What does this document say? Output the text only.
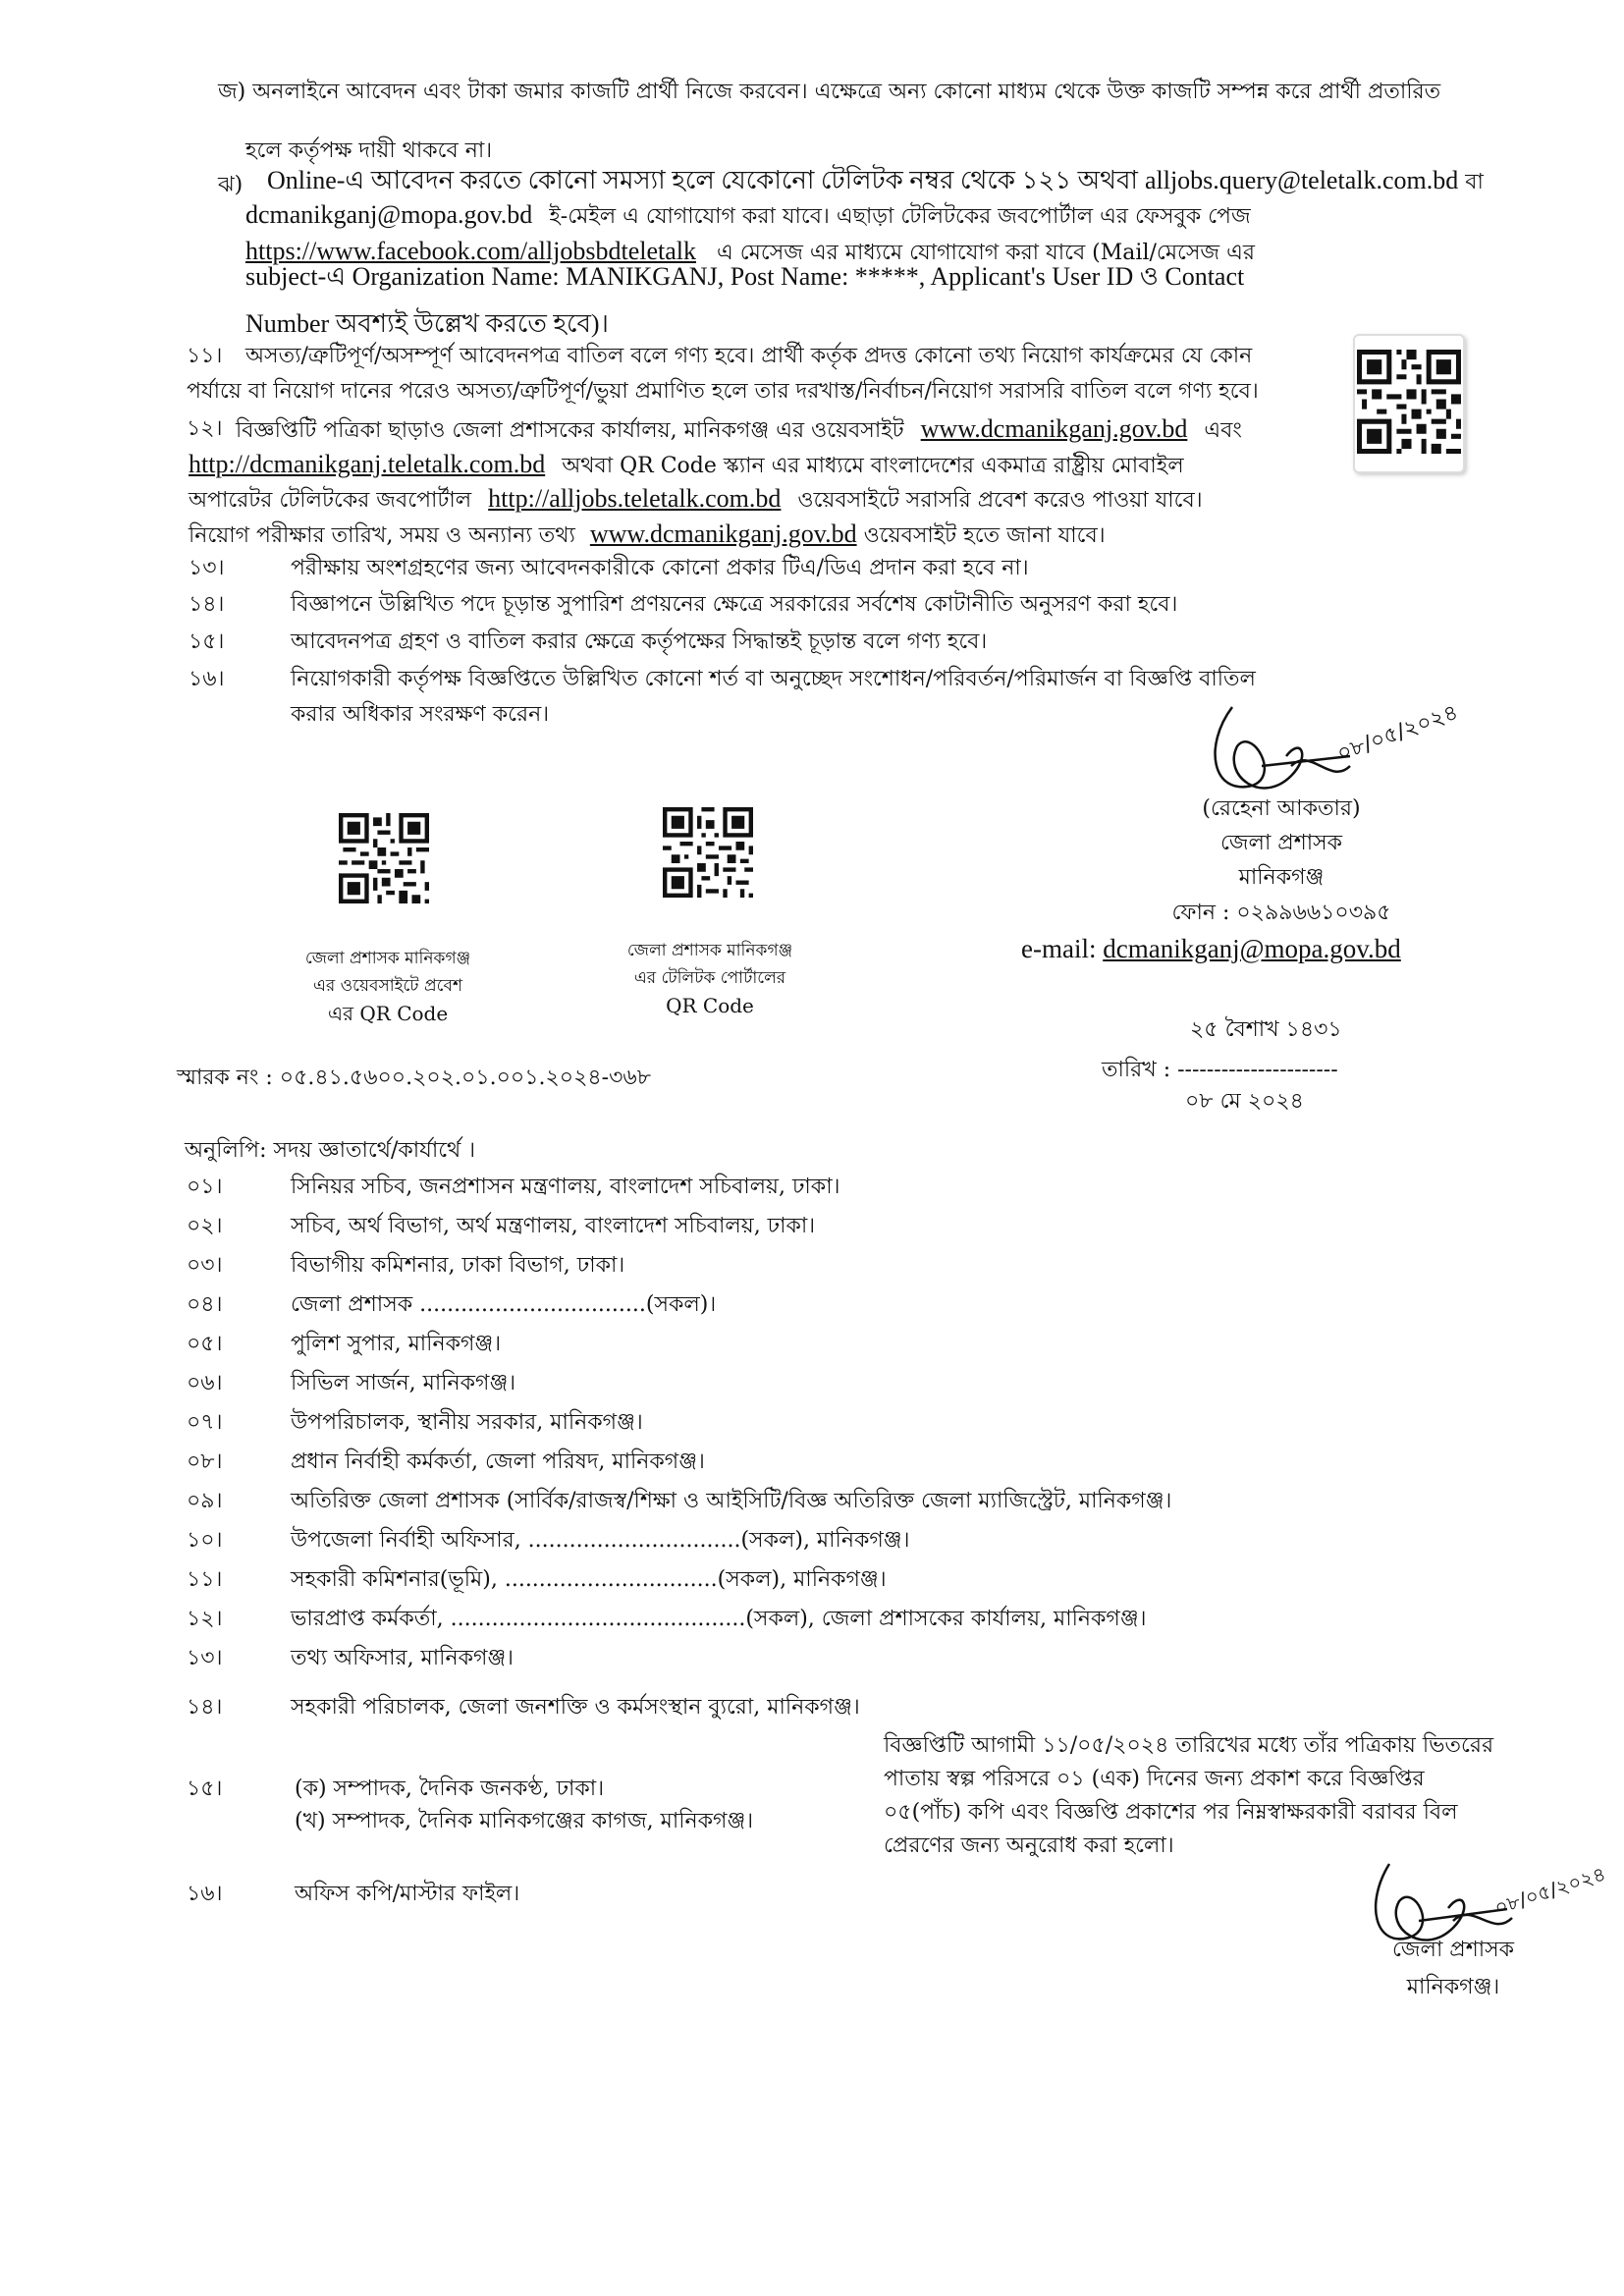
জ) অনলাইনে আবেদন এবং টাকা জমার কাজটি প্রার্থী নিজে করবেন। এক্ষেত্রে অন্য কোনো মাধ্যম থেকে উক্ত কাজটি সম্পন্ন করে প্রার্থী প্রতারিত
হলে কর্তৃপক্ষ দায়ী থাকবে না।
ঝ) Online-এ আবেদন করতে কোনো সমস্যা হলে যেকোনো টেলিটক নম্বর থেকে ১২১ অথবা alljobs.query@teletalk.com.bd বা
dcmanikganj@mopa.gov.bd ই-মেইল এ যোগাযোগ করা যাবে। এছাড়া টেলিটকের জবপোর্টাল এর ফেসবুক পেজ
https://www.facebook.com/alljobsbdteletalk এ মেসেজ এর মাধ্যমে যোগাযোগ করা যাবে (Mail/মেসেজ এর
subject-এ Organization Name: MANIKGANJ, Post Name: *****, Applicant's User ID ও Contact
Number অবশ্যই উল্লেখ করতে হবে)।
১১। অসত্য/ত্রুটিপূর্ণ/অসম্পূর্ণ আবেদনপত্র বাতিল বলে গণ্য হবে। প্রার্থী কর্তৃক প্রদত্ত কোনো তথ্য নিয়োগ কার্যক্রমের যে কোন
পর্যায়ে বা নিয়োগ দানের পরেও অসত্য/ত্রুটিপূর্ণ/ভুয়া প্রমাণিত হলে তার দরখাস্ত/নির্বাচন/নিয়োগ সরাসরি বাতিল বলে গণ্য হবে।
১২। বিজ্ঞপ্তিটি পত্রিকা ছাড়াও জেলা প্রশাসকের কার্যালয়, মানিকগঞ্জ এর ওয়েবসাইট www.dcmanikganj.gov.bd এবং
http://dcmanikganj.teletalk.com.bd অথবা QR Code স্ক্যান এর মাধ্যমে বাংলাদেশের একমাত্র রাষ্ট্রীয় মোবাইল
অপারেটর টেলিটকের জবপোর্টাল http://alljobs.teletalk.com.bd ওয়েবসাইটে সরাসরি প্রবেশ করেও পাওয়া যাবে।
নিয়োগ পরীক্ষার তারিখ, সময় ও অন্যান্য তথ্য www.dcmanikganj.gov.bd ওয়েবসাইট হতে জানা যাবে।
১৩।	পরীক্ষায় অংশগ্রহণের জন্য আবেদনকারীকে কোনো প্রকার টিএ/ডিএ প্রদান করা হবে না।
১৪।	বিজ্ঞাপনে উল্লিখিত পদে চূড়ান্ত সুপারিশ প্রণয়নের ক্ষেত্রে সরকারের সর্বশেষ কোটানীতি অনুসরণ করা হবে।
১৫।	আবেদনপত্র গ্রহণ ও বাতিল করার ক্ষেত্রে কর্তৃপক্ষের সিদ্ধান্তই চূড়ান্ত বলে গণ্য হবে।
১৬।	নিয়োগকারী কর্তৃপক্ষ বিজ্ঞপ্তিতে উল্লিখিত কোনো শর্ত বা অনুচ্ছেদ সংশোধন/পরিবর্তন/পরিমার্জন বা বিজ্ঞপ্তি বাতিল
করার অধিকার সংরক্ষণ করেন।	০৮/০৫/২০২৪
(রেহেনা আকতার)
জেলা প্রশাসক
মানিকগঞ্জ
ফোন : ০২৯৯৬৬১০৩৯৫
e-mail: dcmanikganj@mopa.gov.bd
জেলা প্রশাসক মানিকগঞ্জ
এর ওয়েবসাইটে প্রবেশ
এর QR Code
জেলা প্রশাসক মানিকগঞ্জ
এর টেলিটক পোর্টালের
QR Code
২৫ বৈশাখ ১৪৩১
স্মারক নং : ০৫.৪১.৫৬০০.২০২.০১.০০১.২০২৪-৩৬৮	তারিখ : ----------------------
০৮ মে ২০২৪
অনুলিপি: সদয় জ্ঞাতার্থে/কার্যার্থে ।
০১।	সিনিয়র সচিব, জনপ্রশাসন মন্ত্রণালয়, বাংলাদেশ সচিবালয়, ঢাকা।
০২।	সচিব, অর্থ বিভাগ, অর্থ মন্ত্রণালয়, বাংলাদেশ সচিবালয়, ঢাকা।
০৩।	বিভাগীয় কমিশনার, ঢাকা বিভাগ, ঢাকা।
০৪।	জেলা প্রশাসক .................................(সকল)।
০৫।	পুলিশ সুপার, মানিকগঞ্জ।
০৬।	সিভিল সার্জন, মানিকগঞ্জ।
০৭।	উপপরিচালক, স্থানীয় সরকার, মানিকগঞ্জ।
০৮।	প্রধান নির্বাহী কর্মকর্তা, জেলা পরিষদ, মানিকগঞ্জ।
০৯।	অতিরিক্ত জেলা প্রশাসক (সার্বিক/রাজস্ব/শিক্ষা ও আইসিটি/বিজ্ঞ অতিরিক্ত জেলা ম্যাজিস্ট্রেট, মানিকগঞ্জ।
১০।	উপজেলা নির্বাহী অফিসার, ...............................(সকল), মানিকগঞ্জ।
১১।	সহকারী কমিশনার(ভূমি), ...............................(সকল), মানিকগঞ্জ।
১২।	ভারপ্রাপ্ত কর্মকর্তা, ...........................................(সকল), জেলা প্রশাসকের কার্যালয়, মানিকগঞ্জ।
১৩।	তথ্য অফিসার, মানিকগঞ্জ।
১৪।	সহকারী পরিচালক, জেলা জনশক্তি ও কর্মসংস্থান ব্যুরো, মানিকগঞ্জ।
১৫।	(ক) সম্পাদক, দৈনিক জনকণ্ঠ, ঢাকা।
(খ) সম্পাদক, দৈনিক মানিকগঞ্জের কাগজ, মানিকগঞ্জ।
বিজ্ঞপ্তিটি আগামী ১১/০৫/২০২৪ তারিখের মধ্যে তাঁর পত্রিকায় ভিতরের
পাতায় স্বল্প পরিসরে ০১ (এক) দিনের জন্য প্রকাশ করে বিজ্ঞপ্তির
০৫(পাঁচ) কপি এবং বিজ্ঞপ্তি প্রকাশের পর নিম্নস্বাক্ষরকারী বরাবর বিল
প্রেরণের জন্য অনুরোধ করা হলো।
১৬।	অফিস কপি/মাস্টার ফাইল।	০৮/০৫/২০২৪
জেলা প্রশাসক
মানিকগঞ্জ।
